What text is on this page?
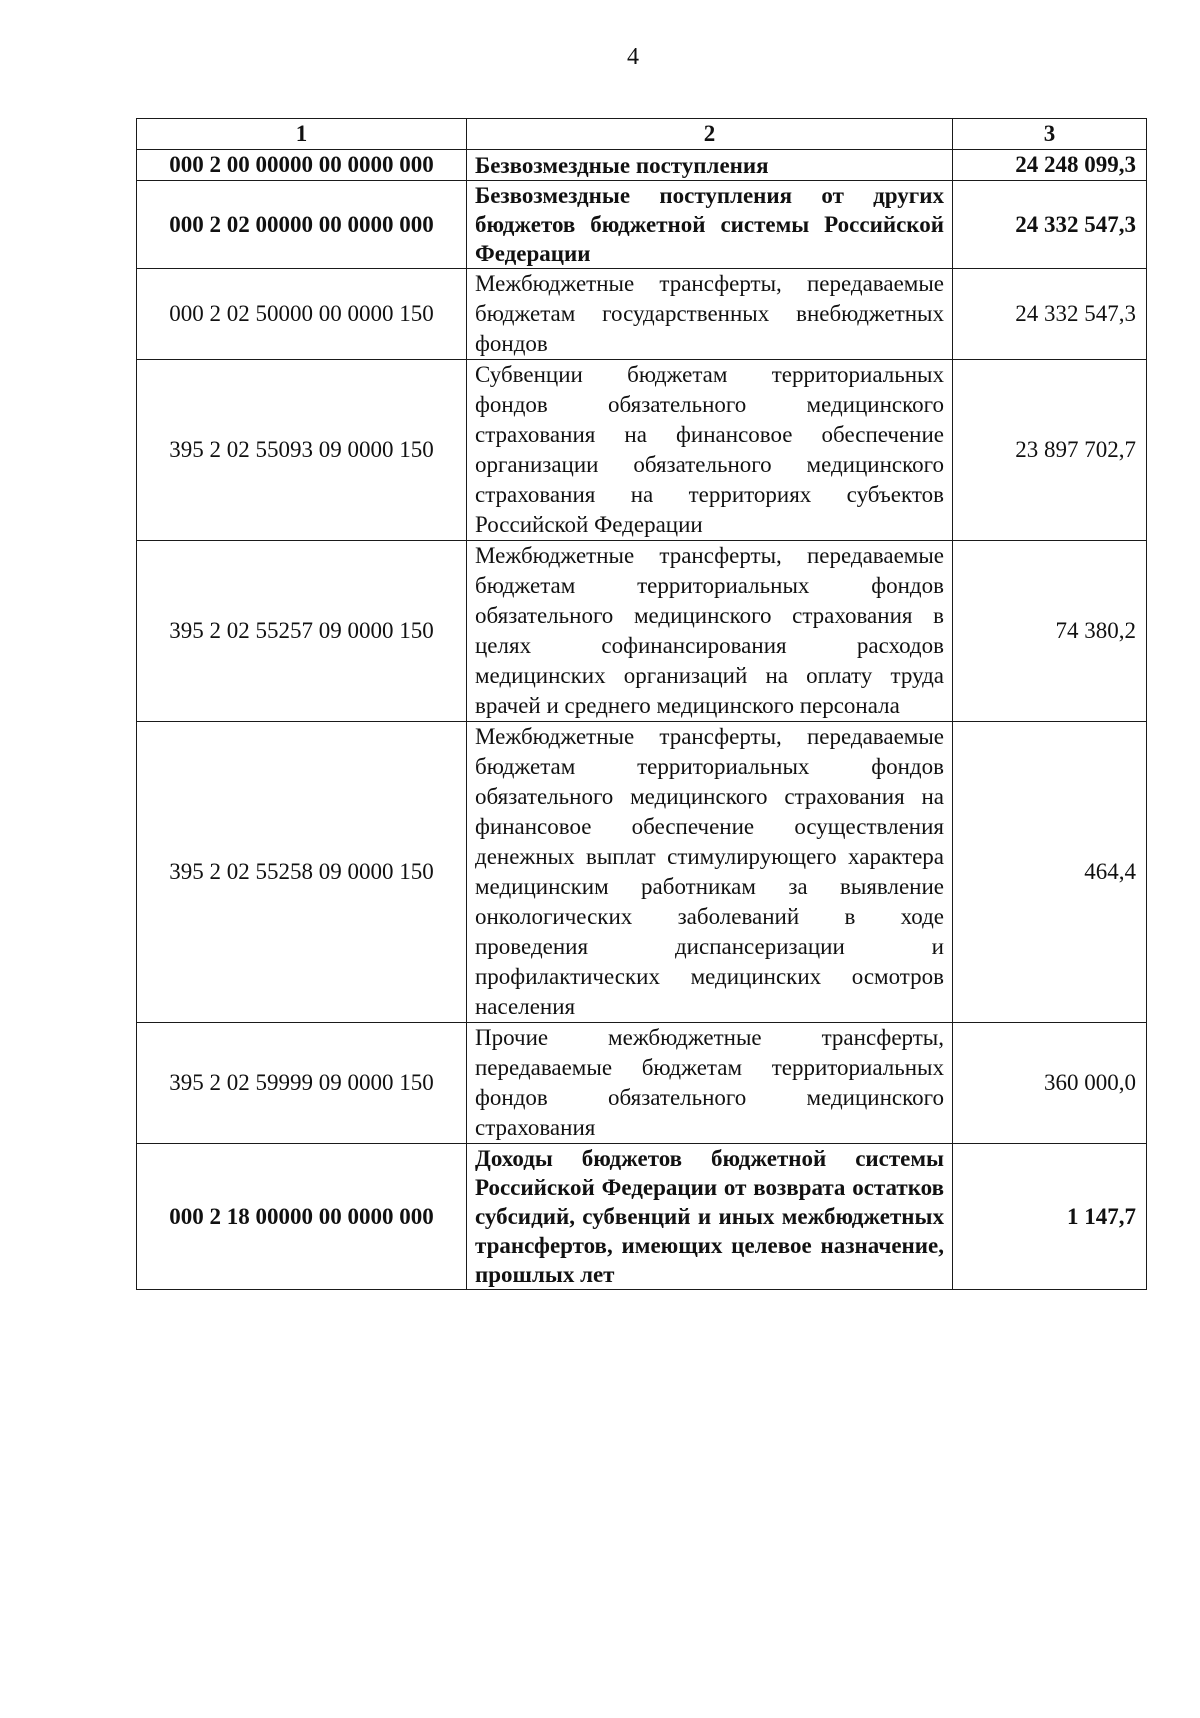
4
1	2	3
000 2 00 00000 00 0000 000	Безвозмездные поступления	24 248 099,3
000 2 02 00000 00 0000 000	Безвозмездные поступления от других бюджетов бюджетной системы Российской Федерации	24 332 547,3
000 2 02 50000 00 0000 150	Межбюджетные трансферты, передаваемые бюджетам государственных внебюджетных фондов	24 332 547,3
395 2 02 55093 09 0000 150	Субвенции бюджетам территориальных фондов обязательного медицинского страхования на финансовое обеспечение организации обязательного медицинского страхования на территориях субъектов Российской Федерации	23 897 702,7
395 2 02 55257 09 0000 150	Межбюджетные трансферты, передаваемые бюджетам территориальных фондов обязательного медицинского страхования в целях софинансирования расходов медицинских организаций на оплату труда врачей и среднего медицинского персонала	74 380,2
395 2 02 55258 09 0000 150	Межбюджетные трансферты, передаваемые бюджетам территориальных фондов обязательного медицинского страхования на финансовое обеспечение осуществления денежных выплат стимулирующего характера медицинским работникам за выявление онкологических заболеваний в ходе проведения диспансеризации и профилактических медицинских осмотров населения	464,4
395 2 02 59999 09 0000 150	Прочие межбюджетные трансферты, передаваемые бюджетам территориальных фондов обязательного медицинского страхования	360 000,0
000 2 18 00000 00 0000 000	Доходы бюджетов бюджетной системы Российской Федерации от возврата остатков субсидий, субвенций и иных межбюджетных трансфертов, имеющих целевое назначение, прошлых лет	1 147,7
